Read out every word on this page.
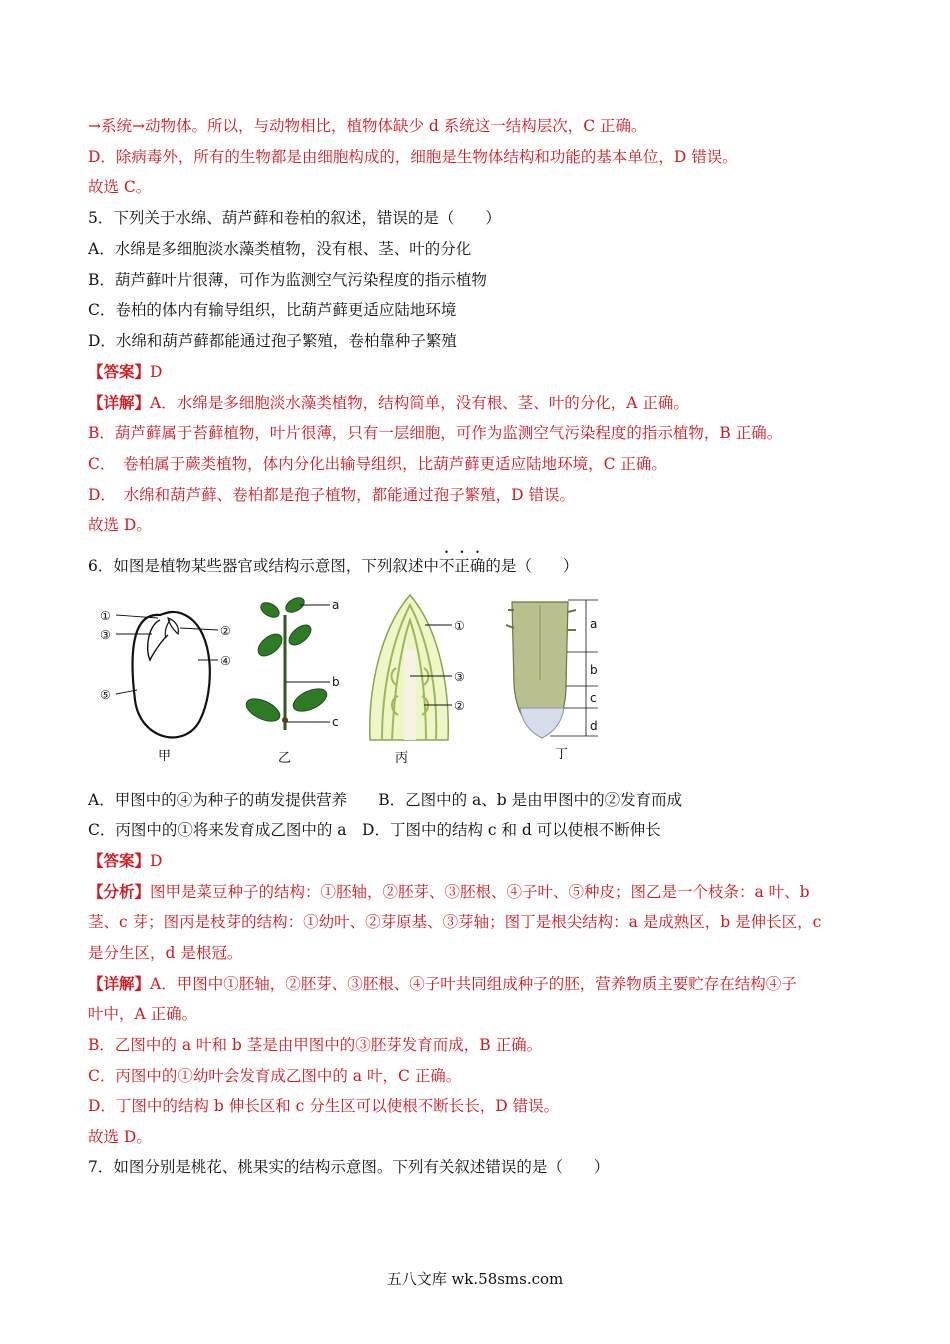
→系统→动物体。所以，与动物相比，植物体缺少 d 系统这一结构层次，C 正确。
D．除病毒外，所有的生物都是由细胞构成的，细胞是生物体结构和功能的基本单位，D 错误。
故选 C。
5．下列关于水绵、葫芦藓和卷柏的叙述，错误的是（　　）
A．水绵是多细胞淡水藻类植物，没有根、茎、叶的分化
B．葫芦藓叶片很薄，可作为监测空气污染程度的指示植物
C．卷柏的体内有输导组织，比葫芦藓更适应陆地环境
D．水绵和葫芦藓都能通过孢子繁殖，卷柏靠种子繁殖
【答案】D
【详解】A．水绵是多细胞淡水藻类植物，结构简单，没有根、茎、叶的分化，A 正确。
B．葫芦藓属于苔藓植物，叶片很薄，只有一层细胞，可作为监测空气污染程度的指示植物，B 正确。
C．　卷柏属于蕨类植物，体内分化出输导组织，比葫芦藓更适应陆地环境，C 正确。
D．　水绵和葫芦藓、卷柏都是孢子植物，都能通过孢子繁殖，D 错误。
故选 D。
6．如图是植物某些器官或结构示意图，下列叙述中不正确的是（　　）
①
③
⑤
②
④
甲
a
b
c
乙
①
③
②
丙
a
b
c
d
丁
A．甲图中的④为种子的萌发提供营养　　B．乙图中的 a、b 是由甲图中的②发育而成
C．丙图中的①将来发育成乙图中的 a　D．丁图中的结构 c 和 d 可以使根不断伸长
【答案】D
【分析】图甲是菜豆种子的结构：①胚轴，②胚芽、③胚根、④子叶、⑤种皮；图乙是一个枝条：a 叶、b
茎、c 芽；图丙是枝芽的结构：①幼叶、②芽原基、③芽轴；图丁是根尖结构：a 是成熟区，b 是伸长区，c
是分生区，d 是根冠。
【详解】A．甲图中①胚轴，②胚芽、③胚根、④子叶共同组成种子的胚，营养物质主要贮存在结构④子
叶中，A 正确。
B．乙图中的 a 叶和 b 茎是由甲图中的③胚芽发育而成，B 正确。
C．丙图中的①幼叶会发育成乙图中的 a 叶，C 正确。
D．丁图中的结构 b 伸长区和 c 分生区可以使根不断长长，D 错误。
故选 D。
7．如图分别是桃花、桃果实的结构示意图。下列有关叙述错误的是（　　）
五八文库 wk.58sms.com
